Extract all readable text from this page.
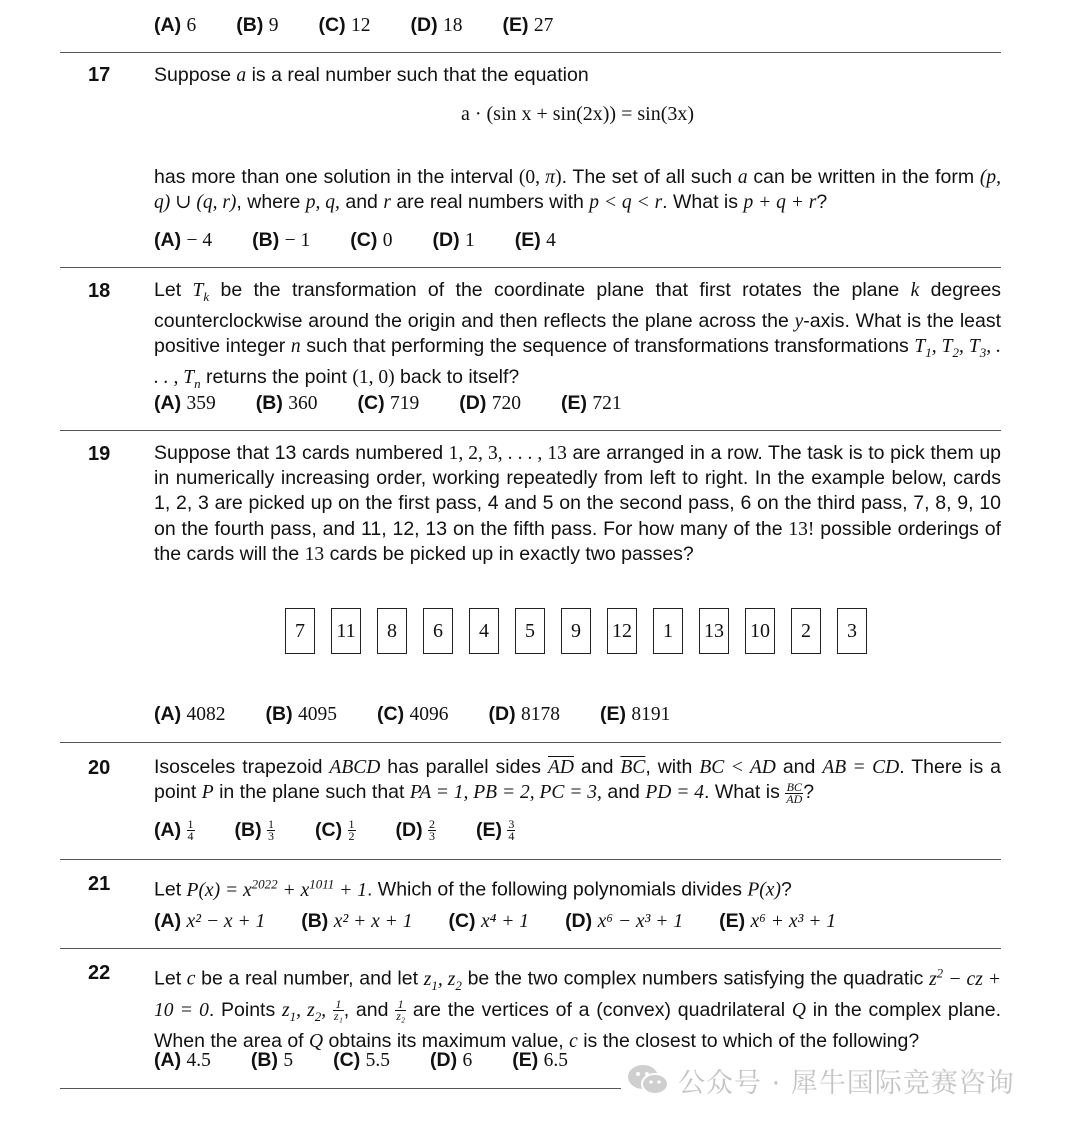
(A) 6 (B) 9 (C) 12 (D) 18 (E) 27
17 Suppose a is a real number such that the equation
a · (sin x + sin(2x)) = sin(3x)
has more than one solution in the interval (0, π). The set of all such a can be written in the form (p, q) ∪ (q, r), where p, q, and r are real numbers with p < q < r. What is p + q + r?
(A) − 4 (B) − 1 (C) 0 (D) 1 (E) 4
18 Let $T_k$ be the transformation of the coordinate plane that first rotates the plane k degrees counterclockwise around the origin and then reflects the plane across the y-axis. What is the least positive integer n such that performing the sequence of transformations transformations $T_1$, $T_2$, $T_3$, . . . , $T_n$ returns the point (1, 0) back to itself?
(A) 359 (B) 360 (C) 719 (D) 720 (E) 721
19 Suppose that 13 cards numbered 1, 2, 3, . . . , 13 are arranged in a row. The task is to pick them up in numerically increasing order, working repeatedly from left to right. In the example below, cards 1, 2, 3 are picked up on the first pass, 4 and 5 on the second pass, 6 on the third pass, 7, 8, 9, 10 on the fourth pass, and 11, 12, 13 on the fifth pass. For how many of the 13! possible orderings of the cards will the 13 cards be picked up in exactly two passes?
7	11	8	6	4	5	9	12	1	13 10	2	3
(A) 4082 (B) 4095 (C) 4096 (D) 8178 (E) 8191
20 Isosceles trapezoid ABCD has parallel sides $\overline{AD}$ and $\overline{BC}$, with BC < AD and AB = CD. There is a point P in the plane such that PA = 1, PB = 2, PC = 3, and PD = 4. What is $\frac{BC}{AD}$ ?
$(A) \frac{1}{4} (B) \frac{1}{3} (C) \frac{1}{2} (D) \frac{2}{3} (E) \frac{3}{4}$
21 Let $P(x) = x^{2022} + x^{1011} + 1$. Which of the following polynomials divides P(x)?
(A) x² − x + 1 (B) x² + x + 1 (C) x⁴ + 1 (D) x⁶ − x³ + 1 (E) x⁶ + x³ + 1
22 Let c be a real number, and let $z_1$, $z_2$ be the two complex numbers satisfying the quadratic $z^2$ − cz + 10 = 0. Points $z_1$, $z_2$, $\frac{1}{\text{z₁}}$ , and $\frac{1}{\text{z₂}}$ are the vertices of a (convex) quadrilateral Q in the complex plane. When the area of Q obtains its maximum value, c is the closest to which of the following?
(A) 4.5 (B) 5 (C) 5.5 (D) 6 (E) 6.5
公众号 · 犀牛国际竞赛咨询
